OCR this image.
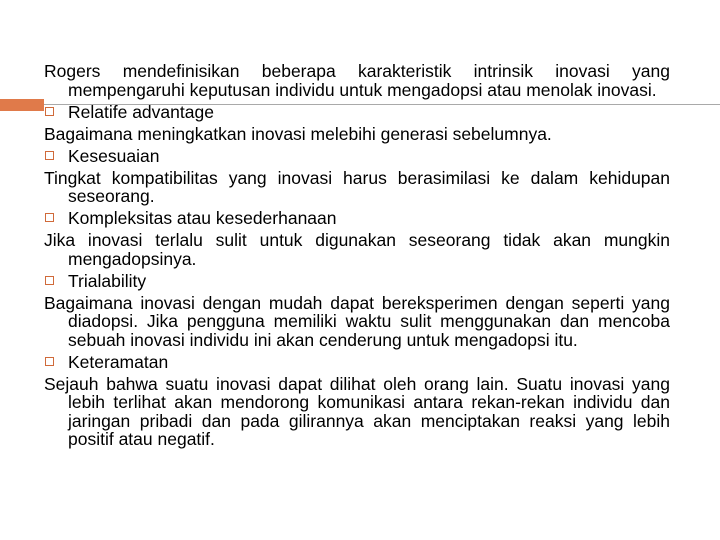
Rogers mendefinisikan beberapa karakteristik intrinsik inovasi yang mempengaruhi keputusan individu untuk mengadopsi atau menolak inovasi.

Relatife advantage

Bagaimana meningkatkan inovasi melebihi generasi sebelumnya.

Kesesuaian

Tingkat kompatibilitas yang inovasi harus berasimilasi ke dalam kehidupan seseorang.

Kompleksitas atau kesederhanaan

Jika inovasi terlalu sulit untuk digunakan seseorang tidak akan mungkin mengadopsinya.

Trialability

Bagaimana inovasi dengan mudah dapat bereksperimen dengan seperti yang diadopsi. Jika pengguna memiliki waktu sulit menggunakan dan mencoba sebuah inovasi individu ini akan cenderung untuk mengadopsi itu.

Keteramatan

Sejauh bahwa suatu inovasi dapat dilihat oleh orang lain. Suatu inovasi yang lebih terlihat akan mendorong komunikasi antara rekan-rekan individu dan jaringan pribadi dan pada gilirannya akan menciptakan reaksi yang lebih positif atau negatif.
